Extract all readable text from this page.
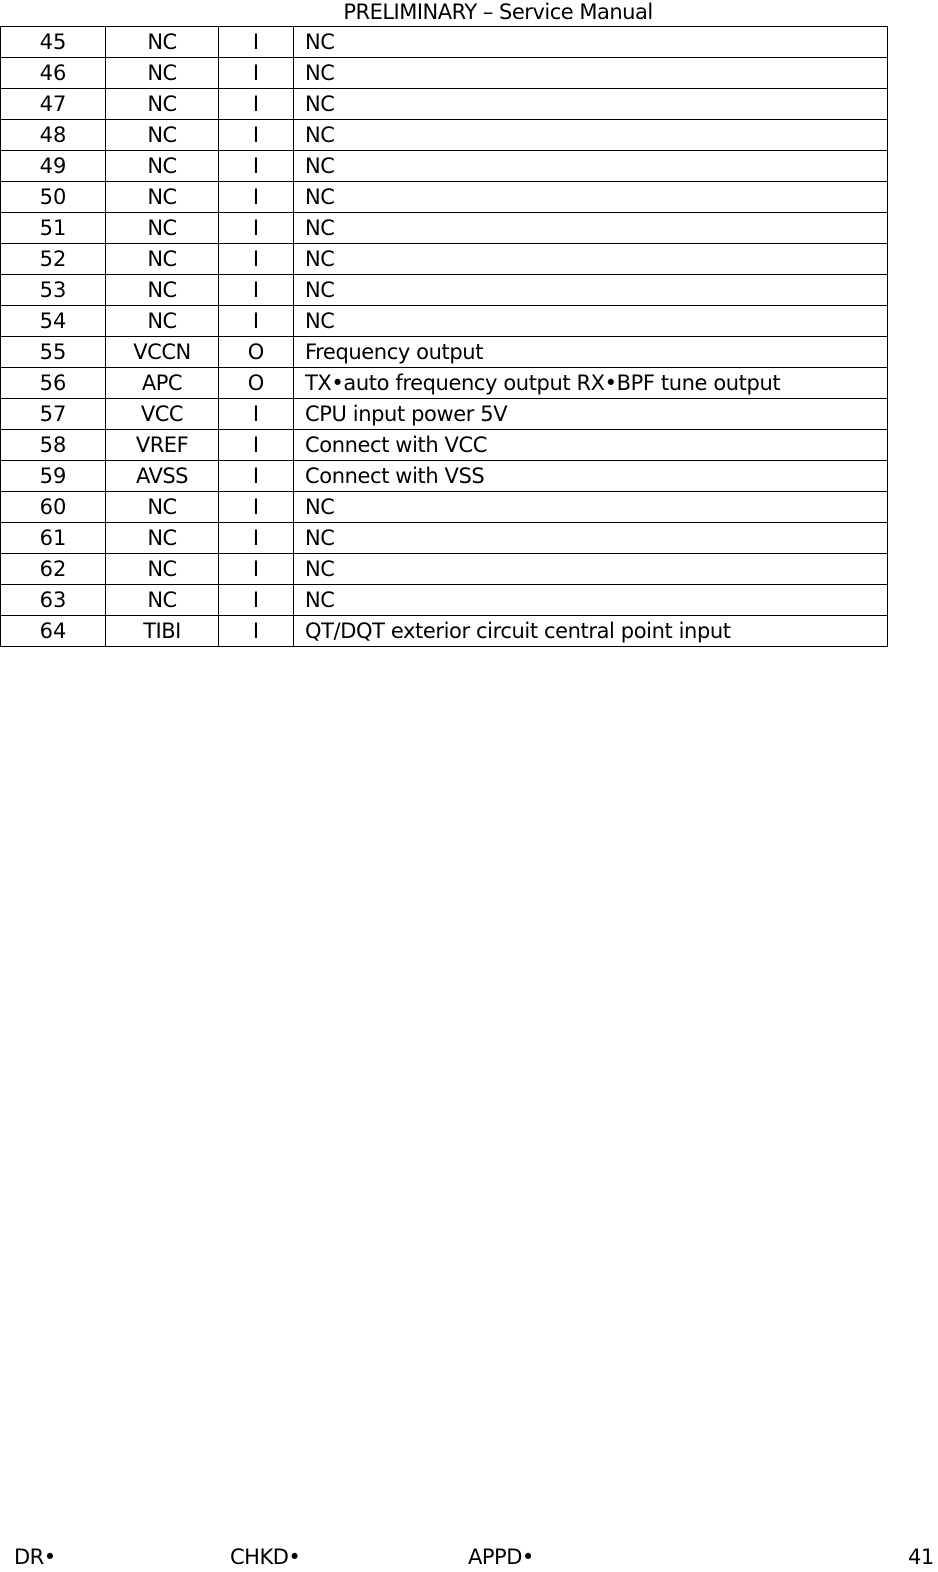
PRELIMINARY – Service Manual
45	NC	I	NC
46	NC	I	NC
47	NC	I	NC
48	NC	I	NC
49	NC	I	NC
50	NC	I	NC
51	NC	I	NC
52	NC	I	NC
53	NC	I	NC
54	NC	I	NC
55	VCCN	O	Frequency output
56	APC	O	TX•auto frequency output RX•BPF tune output
57	VCC	I	CPU input power 5V
58	VREF	I	Connect with VCC
59	AVSS	I	Connect with VSS
60	NC	I	NC
61	NC	I	NC
62	NC	I	NC
63	NC	I	NC
64	TIBI	I	QT/DQT exterior circuit central point input
DR•	CHKD•	APPD•	41
